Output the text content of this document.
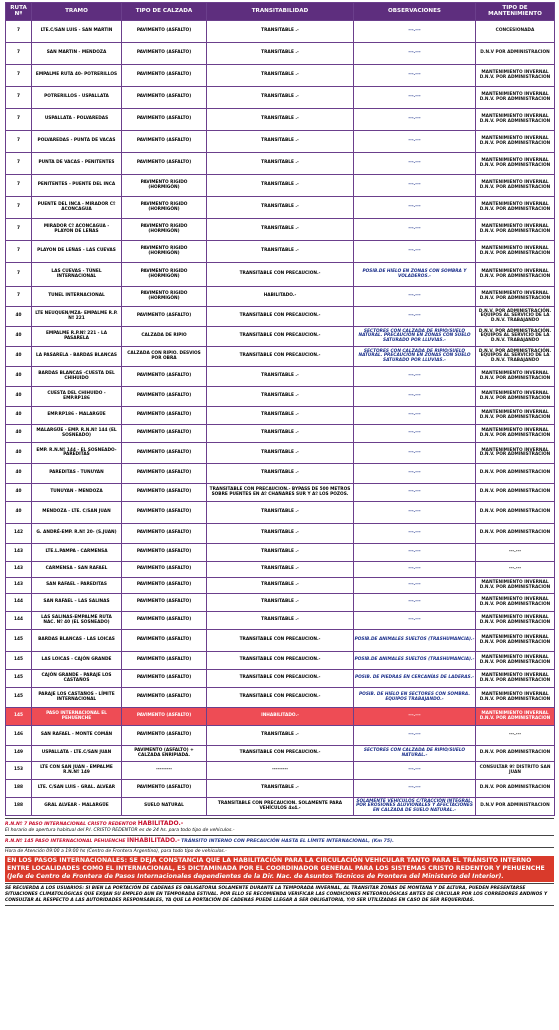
RUTA Nº	TRAMO	TIPO DE CALZADA	TRANSITABILIDAD	OBSERVACIONES	TIPO DE MANTENIMIENTO
7	LTE.C/SAN LUIS - SAN MARTIN	PAVIMENTO (ASFALTO)	TRANSITABLE .-	---.---	CONCESIONADA
7	SAN MARTIN - MENDOZA	PAVIMENTO (ASFALTO)	TRANSITABLE .-	---.---	D.N.V POR ADMINISTRACION
7	EMPALME RUTA 40- POTRERILLOS	PAVIMENTO (ASFALTO)	TRANSITABLE .-	---.---	MANTENIMIENTO INVERNAL D.N.V. POR ADMINISTRACION
7	POTRERILLOS - USPALLATA	PAVIMENTO (ASFALTO)	TRANSITABLE .-	---.---	MANTENIMIENTO INVERNAL D.N.V. POR ADMINISTRACION
7	USPALLATA - POLVAREDAS	PAVIMENTO (ASFALTO)	TRANSITABLE .-	---.---	MANTENIMIENTO INVERNAL D.N.V. POR ADMINISTRACION
7	POLVAREDAS - PUNTA DE VACAS	PAVIMENTO (ASFALTO)	TRANSITABLE .-	---.---	MANTENIMIENTO INVERNAL D.N.V. POR ADMINISTRACION
7	PUNTA DE VACAS - PENITENTES	PAVIMENTO (ASFALTO)	TRANSITABLE .-	---.---	MANTENIMIENTO INVERNAL D.N.V. POR ADMINISTRACION
7	PENITENTES - PUENTE DEL INCA	PAVIMENTO RIGIDO (HORMIGÓN)	TRANSITABLE .-	---.---	MANTENIMIENTO INVERNAL D.N.V. POR ADMINISTRACION
7	PUENTE DEL INCA - MIRADOR Cº ACONCAGUA	PAVIMENTO RIGIDO (HORMIGÓN)	TRANSITABLE .-	---.---	MANTENIMIENTO INVERNAL D.N.V. POR ADMINISTRACION
7	MIRADOR Cº ACONCAGUA - PLAYON DE LEÑAS	PAVIMENTO RIGIDO (HORMIGÓN)	TRANSITABLE .-	---.---	MANTENIMIENTO INVERNAL D.N.V. POR ADMINISTRACION
7	PLAYON DE LEÑAS - LAS CUEVAS	PAVIMENTO RIGIDO (HORMIGÓN)	TRANSITABLE .-	---.---	MANTENIMIENTO INVERNAL D.N.V. POR ADMINISTRACION
7	LAS CUEVAS - TÚNEL INTERNACIONAL	PAVIMENTO RIGIDO (HORMIGÓN)	TRANSITABLE CON PRECAUCION.-	POSIB.DE HIELO EN ZONAS CON SOMBRA Y VOLADEROS.-	MANTENIMIENTO INVERNAL D.N.V. POR ADMINISTRACION
7	TUNEL INTERNACIONAL	PAVIMENTO RIGIDO (HORMIGÓN)	HABILITADO.-	---.---	MANTENIMIENTO INVERNAL D.N.V. POR ADMINISTRACION
40	LTE NEUQUEN/MZA- EMPALME R.P. Nº 221	PAVIMENTO (ASFALTO)	TRANSITABLE CON PRECAUCION.-	---.---	D.N.V. POR ADMINISTRACIÓN. EQUIPOS AL SERVICIO DE LA D.N.V. TRABAJANDO
40	EMPALME R.P.Nº 221 - LA PASARELA	CALZADA DE RIPIO	TRANSITABLE CON PRECAUCION.-	SECTORES CON CALZADA DE RIPIO/SUELO NATURAL. PRECAUCIÓN EN ZONAS CON SUELO SATURADO POR LLUVIAS.-	D.N.V. POR ADMINISTRACIÓN. EQUIPOS AL SERVICIO DE LA D.N.V. TRABAJANDO
40	LA PASARELA - BARDAS BLANCAS	CALZADA CON RIPIO. DESVIOS POR OBRA	TRANSITABLE CON PRECAUCION.-	SECTORES CON CALZADA DE RIPIO/SUELO NATURAL. PRECAUCIÓN EN ZONAS CON SUELO SATURADO POR LLUVIAS.-	D.N.V. POR ADMINISTRACIÓN. EQUIPOS AL SERVICIO DE LA D.N.V. TRABAJANDO
40	BARDAS BLANCAS -CUESTA DEL CHIHUIDO	PAVIMENTO (ASFALTO)	TRANSITABLE .-	---.---	MANTENIMIENTO INVERNAL D.N.V. POR ADMINISTRACION
40	CUESTA DEL CHIHUIDO - EMP.RP186	PAVIMENTO (ASFALTO)	TRANSITABLE .-	---.---	MANTENIMIENTO INVERNAL D.N.V. POR ADMINISTRACION
40	EMP.RP186 - MALARGÜE	PAVIMENTO (ASFALTO)	TRANSITABLE .-	---.---	MANTENIMIENTO INVERNAL D.N.V. POR ADMINISTRACION
40	MALARGÜE - EMP. R.N.Nº 144 (EL SOSNEADO)	PAVIMENTO (ASFALTO)	TRANSITABLE .-	---.---	MANTENIMIENTO INVERNAL D.N.V. POR ADMINISTRACION
40	EMP. R.N.Nº 144 - EL SOSNEADO- PAREDITAS	PAVIMENTO (ASFALTO)	TRANSITABLE .-	---.---	MANTENIMIENTO INVERNAL D.N.V. POR ADMINISTRACION
40	PAREDITAS - TUNUYAN	PAVIMENTO (ASFALTO)	TRANSITABLE .-	---.---	D.N.V. POR ADMINISTRACION
40	TUNUYAN - MENDOZA	PAVIMENTO (ASFALTO)	TRANSITABLE CON PRECAUCION.- BYPASS DE 500 METROS SOBRE PUENTES EN Aº CHAÑARES SUR Y Aº LOS POZOS.	---.---	D.N.V. POR ADMINISTRACION
40	MENDOZA - LTE. C/SAN JUAN	PAVIMENTO (ASFALTO)	TRANSITABLE .-	---.---	D.N.V. POR ADMINISTRACION
142	G. ANDRÉ-EMP. R.Nº 20- (S.JUAN)	PAVIMENTO (ASFALTO)	TRANSITABLE .-	---.---	D.N.V. POR ADMINISTRACION
143	LTE.L.PAMPA - CARMENSA	PAVIMENTO (ASFALTO)	TRANSITABLE .-	---.---	---.---
143	CARMENSA – SAN RAFAEL	PAVIMENTO (ASFALTO)	TRANSITABLE .-	---.---	---.---
143	SAN RAFAEL - PAREDITAS	PAVIMENTO (ASFALTO)	TRANSITABLE .-	---.---	MANTENIMIENTO INVERNAL D.N.V. POR ADMINISTRACION
144	SAN RAFAEL – LAS SALINAS	PAVIMENTO (ASFALTO)	TRANSITABLE .-	---.---	MANTENIMIENTO INVERNAL D.N.V. POR ADMINISTRACION
144	LAS SALINAS-EMPALME RUTA NAC. Nº 40 (EL SOSNEADO)	PAVIMENTO (ASFALTO)	TRANSITABLE .-	---.---	MANTENIMIENTO INVERNAL D.N.V. POR ADMINISTRACION
145	BARDAS BLANCAS - LAS LOICAS	PAVIMENTO (ASFALTO)	TRANSITABLE CON PRECAUCION.-	POSIB.DE ANIMALES SUELTOS (TRASHUMANCIA).-	MANTENIMIENTO INVERNAL D.N.V. POR ADMINISTRACION
145	LAS LOICAS - CAJÓN GRANDE	PAVIMENTO (ASFALTO)	TRANSITABLE CON PRECAUCION.-	POSIB.DE ANIMALES SUELTOS (TRASHUMANCIA).-	MANTENIMIENTO INVERNAL D.N.V. POR ADMINISTRACION
145	CAJÓN GRANDE - PARAJE LOS CASTAÑOS	PAVIMENTO (ASFALTO)	TRANSITABLE CON PRECAUCION.-	POSIB. DE PIEDRAS EN CERCANÍAS DE LADERAS.-	MANTENIMIENTO INVERNAL D.N.V. POR ADMINISTRACION
145	PARAJE LOS CASTAÑOS - LÍMITE INTERNACIONAL	PAVIMENTO (ASFALTO)	TRANSITABLE CON PRECAUCION.-	POSIB. DE HIELO EN SECTORES CON SOMBRA. EQUIPOS TRABAJANDO.-	MANTENIMIENTO INVERNAL D.N.V. POR ADMINISTRACION
145	PASO INTERNACIONAL EL PEHUENCHE	PAVIMENTO (ASFALTO)	INHABILITADO.-	---.---	MANTENIMIENTO INVERNAL D.N.V. POR ADMINISTRACION
146	SAN RAFAEL - MONTE COMÁN	PAVIMENTO (ASFALTO)	TRANSITABLE .-	---.---	---.---
149	USPALLATA - LTE.C/SAN JUAN	PAVIMENTO (ASFALTO) + CALZADA ENRIPIADA.	TRANSITABLE CON PRECAUCION.-	SECTORES CON CALZADA DE RIPIO/SUELO NATURAL.-	D.N.V. POR ADMINISTRACION
153	LTE CON SAN JUAN - EMPALME R.N.Nº 149	---------	---------	---.---	CONSULTAR 9º DISTRITO SAN JUAN
188	LTE. C/SAN LUIS - GRAL. ALVEAR	PAVIMENTO (ASFALTO)	TRANSITABLE .-	---.---	D.N.V. POR ADMINISTRACION
188	GRAL ALVEAR - MALARGÜE	SUELO NATURAL	TRANSITABLE CON PRECAUCION. SOLAMENTE PARA VEHÍCULOS 4x4.-	SOLAMENTE VEHÍCULOS C/TRACCIÓN INTEGRAL. POR EROSIONES ALUVIONALES Y AFECTACIONES EN CALZADA DE SUELO NATURAL.-	D.N.V POR ADMINISTRACION
R.N.Nº 7 PASO INTERNACIONAL CRISTO REDENTOR HABILITADO.-
El horario de apertura habitual del P.I. CRISTO REDENTOR es de 24 hs. para todo tipo de vehículos.-
R.N.Nº 145 PASO INTERNACIONAL PEHUENCHE INHABILITADO.- TRÁNSITO INTERNO CON PRECAUCIÓN HASTA EL LÍMITE INTERNACIONAL, (Km 75).
Hora de Atención 09:00 a 19:00 hs (Centro de Frontera Argentino), para todo tipo de vehículos.-
EN LOS PASOS INTERNACIONALES: SE DEJA CONSTANCIA QUE LA HABILITACIÓN PARA LA CIRCULACIÓN VEHICULAR TANTO PARA EL TRÁNSITO INTERNO ENTRE LOCALIDADES COMO EL INTERNACIONAL, ES DICTAMINADA POR EL COORDINADOR GENERAL PARA LOS SISTEMAS CRISTO REDENTOR Y PEHUENCHE (Jefe de Centro de Frontera de Pasos Internacionales dependientes de la Dir. Nac. de Asuntos Técnicos de Frontera del Ministerio del Interior).
SE RECUERDA A LOS USUARIOS: SI BIEN LA PORTACIÓN DE CADENAS ES OBLIGATORIA SOLAMENTE DURANTE LA TEMPORADA INVERNAL, AL TRANSITAR ZONAS DE MONTAÑA Y DE ALTURA, PUEDEN PRESENTARSE SITUACIONES CLIMATOLÓGICAS QUE EXIJAN SU EMPLEO AUN EN TEMPORADA ESTIVAL. POR ELLO SE RECOMIENDA VERIFICAR LAS CONDICIONES METEOROLÓGICAS ANTES DE CIRCULAR POR LOS CORREDORES ANDINOS Y CONSULTAR AL RESPECTO A LAS AUTORIDADES RESPONSABLES, YA QUE LA PORTACIÓN DE CADENAS PUEDE LLEGAR A SER OBLIGATORIA, Y/O SER UTILIZADAS EN CASO DE SER REQUERIDAS.
